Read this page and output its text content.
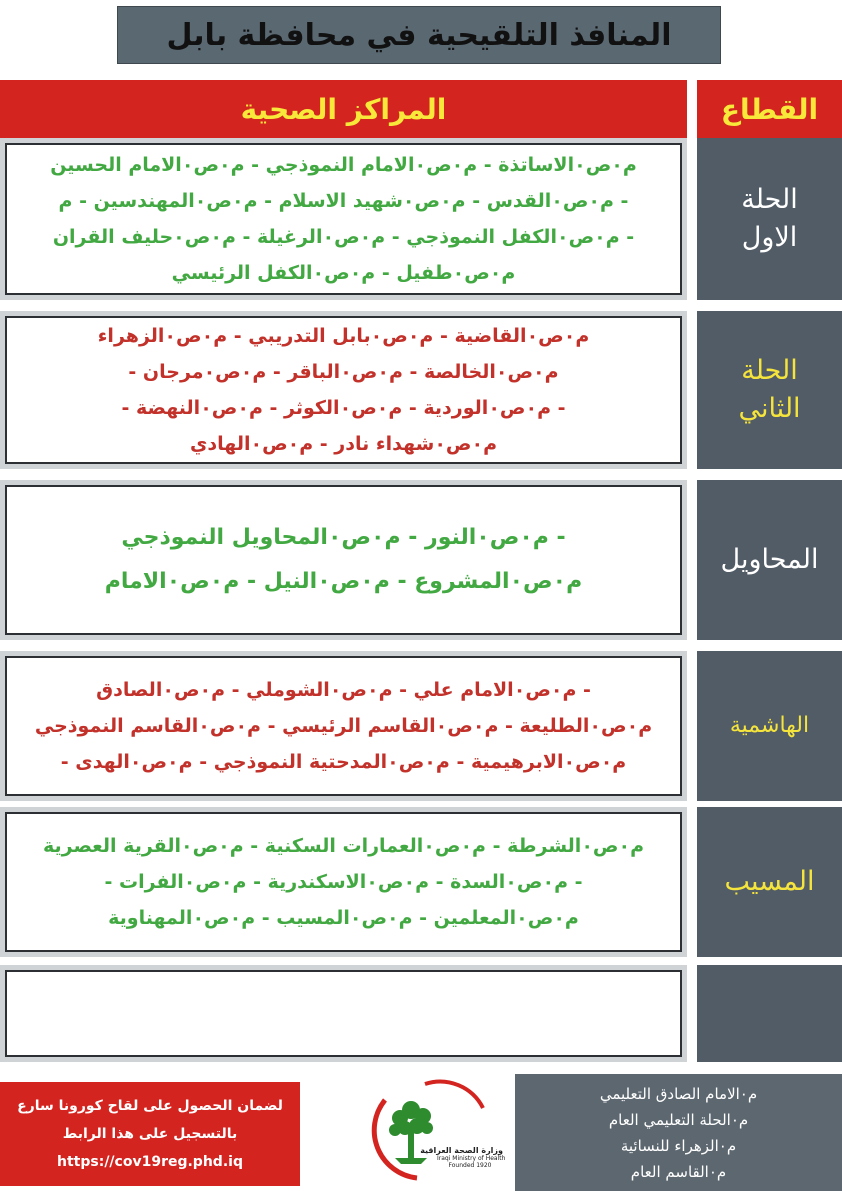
المنافذ التلقيحية في محافظة بابل
المراكز الصحية	القطاع
م٠ص٠الاساتذة - م٠ص٠الامام النموذجي - م٠ص٠الامام الحسين
- م٠ص٠القدس - م٠ص٠شهيد الاسلام - م٠ص٠المهندسين - م
- م٠ص٠الكفل النموذجي - م٠ص٠الرغيلة - م٠ص٠حليف القران
م٠ص٠طفيل - م٠ص٠الكفل الرئيسي
الحلة
الاول
م٠ص٠القاضية - م٠ص٠بابل التدريبي - م٠ص٠الزهراء
م٠ص٠الخالصة - م٠ص٠الباقر - م٠ص٠مرجان -
- م٠ص٠الوردية - م٠ص٠الكوثر - م٠ص٠النهضة -
م٠ص٠شهداء نادر - م٠ص٠الهادي
الحلة
الثاني
- م٠ص٠النور - م٠ص٠المحاويل النموذجي
م٠ص٠المشروع - م٠ص٠النيل - م٠ص٠الامام
المحاويل
- م٠ص٠الامام علي - م٠ص٠الشوملي - م٠ص٠الصادق
م٠ص٠الطليعة - م٠ص٠القاسم الرئيسي - م٠ص٠القاسم النموذجي
م٠ص٠الابرهيمية - م٠ص٠المدحتية النموذجي - م٠ص٠الهدى -
الهاشمية
م٠ص٠الشرطة - م٠ص٠العمارات السكنية - م٠ص٠القرية العصرية
- م٠ص٠السدة - م٠ص٠الاسكندرية - م٠ص٠الفرات -
م٠ص٠المعلمين - م٠ص٠المسيب - م٠ص٠المهناوية
المسيب
لضمان الحصول على لقاح كورونا سارع
بالتسجيل على هذا الرابط
https://cov19reg.phd.iq
وزارة الصحة العراقية
Iraqi Ministry of Health
Founded 1920
م٠الامام الصادق التعليمي
م٠الحلة التعليمي العام
م٠الزهراء للنسائية
م٠القاسم العام
